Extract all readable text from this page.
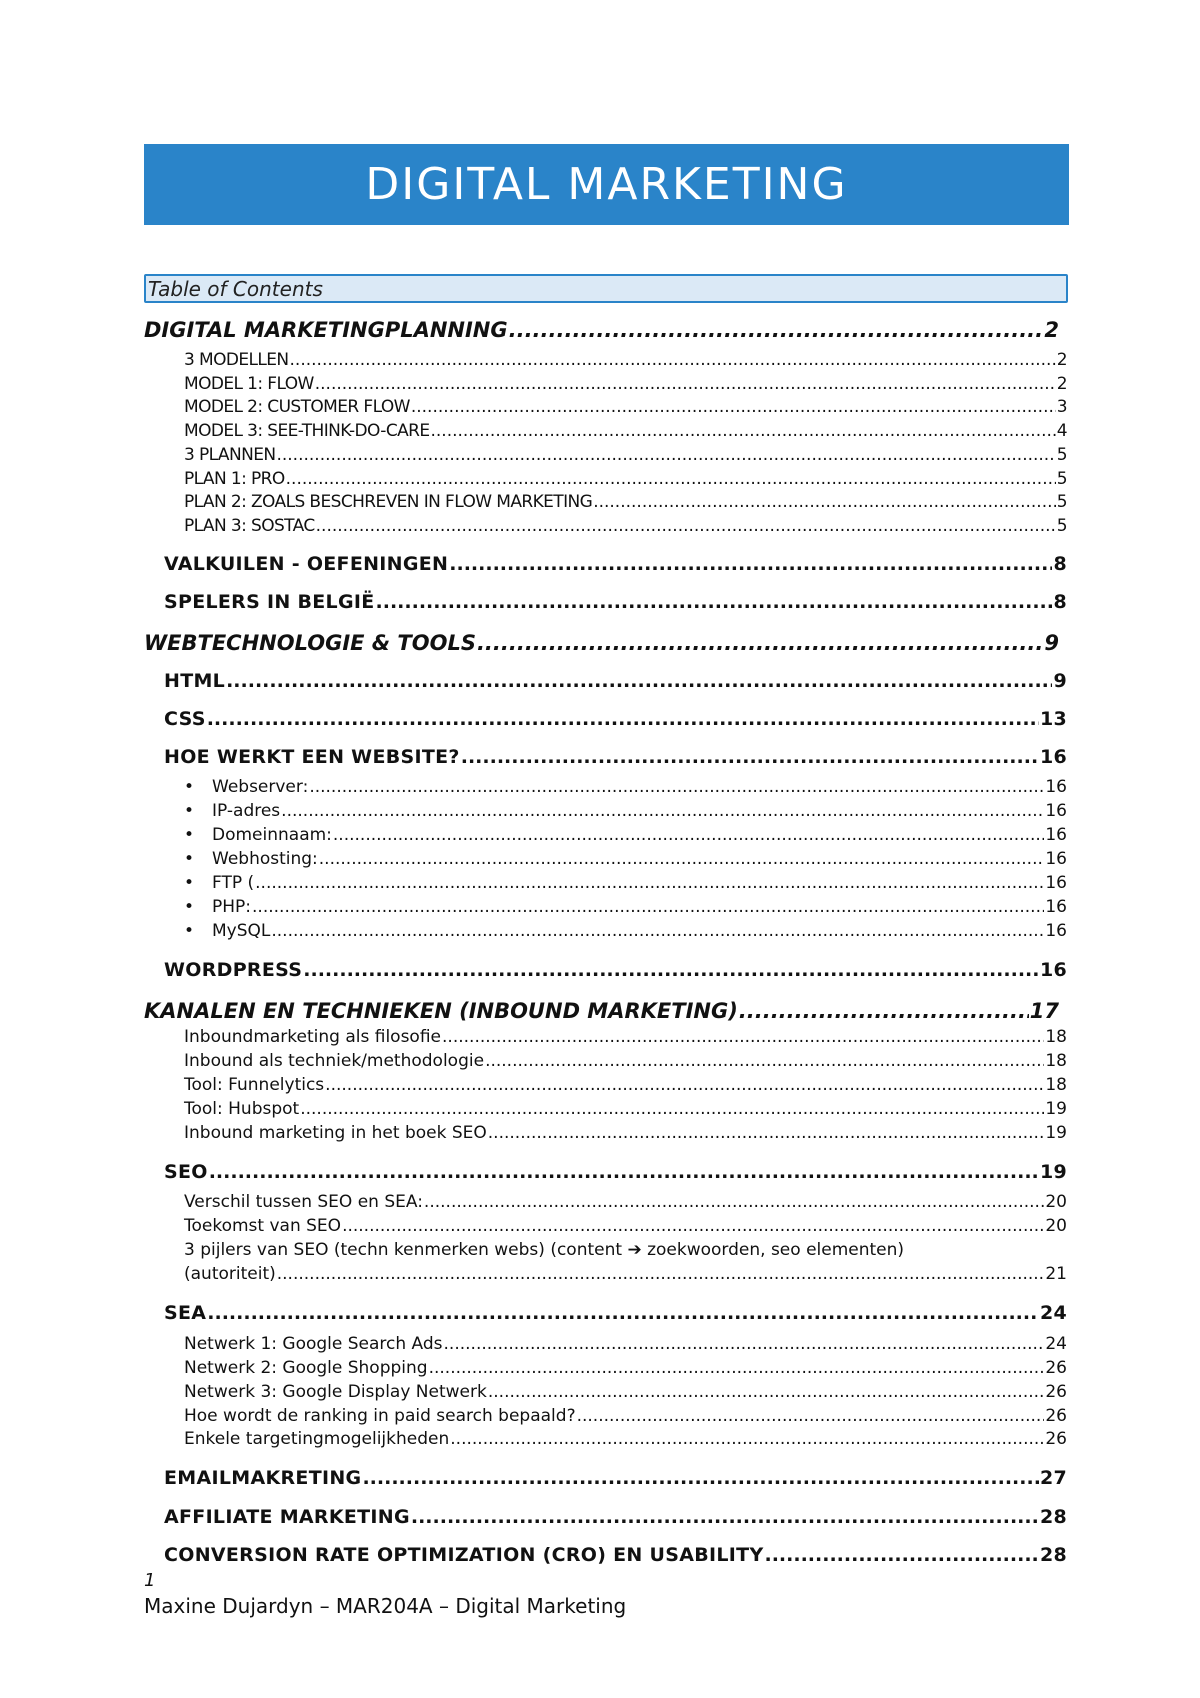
DIGITAL MARKETING
Table of Contents
DIGITAL MARKETINGPLANNING .....	2
3 MODELLEN .....	2
MODEL 1: FLOW .....	2
MODEL 2: CUSTOMER FLOW .....	3
MODEL 3: SEE-THINK-DO-CARE .....	4
3 PLANNEN .....	5
PLAN 1: PRO .....	5
PLAN 2: ZOALS BESCHREVEN IN FLOW MARKETING .....	5
PLAN 3: SOSTAC .....	5
VALKUILEN - OEFENINGEN .....	8
SPELERS IN BELGIË .....	8
WEBTECHNOLOGIE & TOOLS .....	9
HTML .....	9
CSS .....	13
HOE WERKT EEN WEBSITE? .....	16
•	Webserver: .....	16
•	IP-adres .....	16
•	Domeinnaam: .....	16
•	Webhosting: .....	16
•	FTP ( .....	16
•	PHP: .....	16
•	MySQL .....	16
WORDPRESS .....	16
KANALEN EN TECHNIEKEN (INBOUND MARKETING) .....	17
Inboundmarketing als filosofie .....	18
Inbound als techniek/methodologie .....	18
Tool: Funnelytics .....	18
Tool: Hubspot .....	19
Inbound marketing in het boek SEO .....	19
SEO .....	19
Verschil tussen SEO en SEA: .....	20
Toekomst van SEO .....	20
3 pijlers van SEO (techn kenmerken webs) (content ➔ zoekwoorden, seo elementen)
(autoriteit) .....	21
SEA .....	24
Netwerk 1: Google Search Ads .....	24
Netwerk 2: Google Shopping .....	26
Netwerk 3: Google Display Netwerk .....	26
Hoe wordt de ranking in paid search bepaald? .....	26
Enkele targetingmogelijkheden .....	26
EMAILMAKRETING .....	27
AFFILIATE MARKETING .....	28
CONVERSION RATE OPTIMIZATION (CRO) EN USABILITY .....	28
1
Maxine Dujardyn – MAR204A – Digital Marketing
